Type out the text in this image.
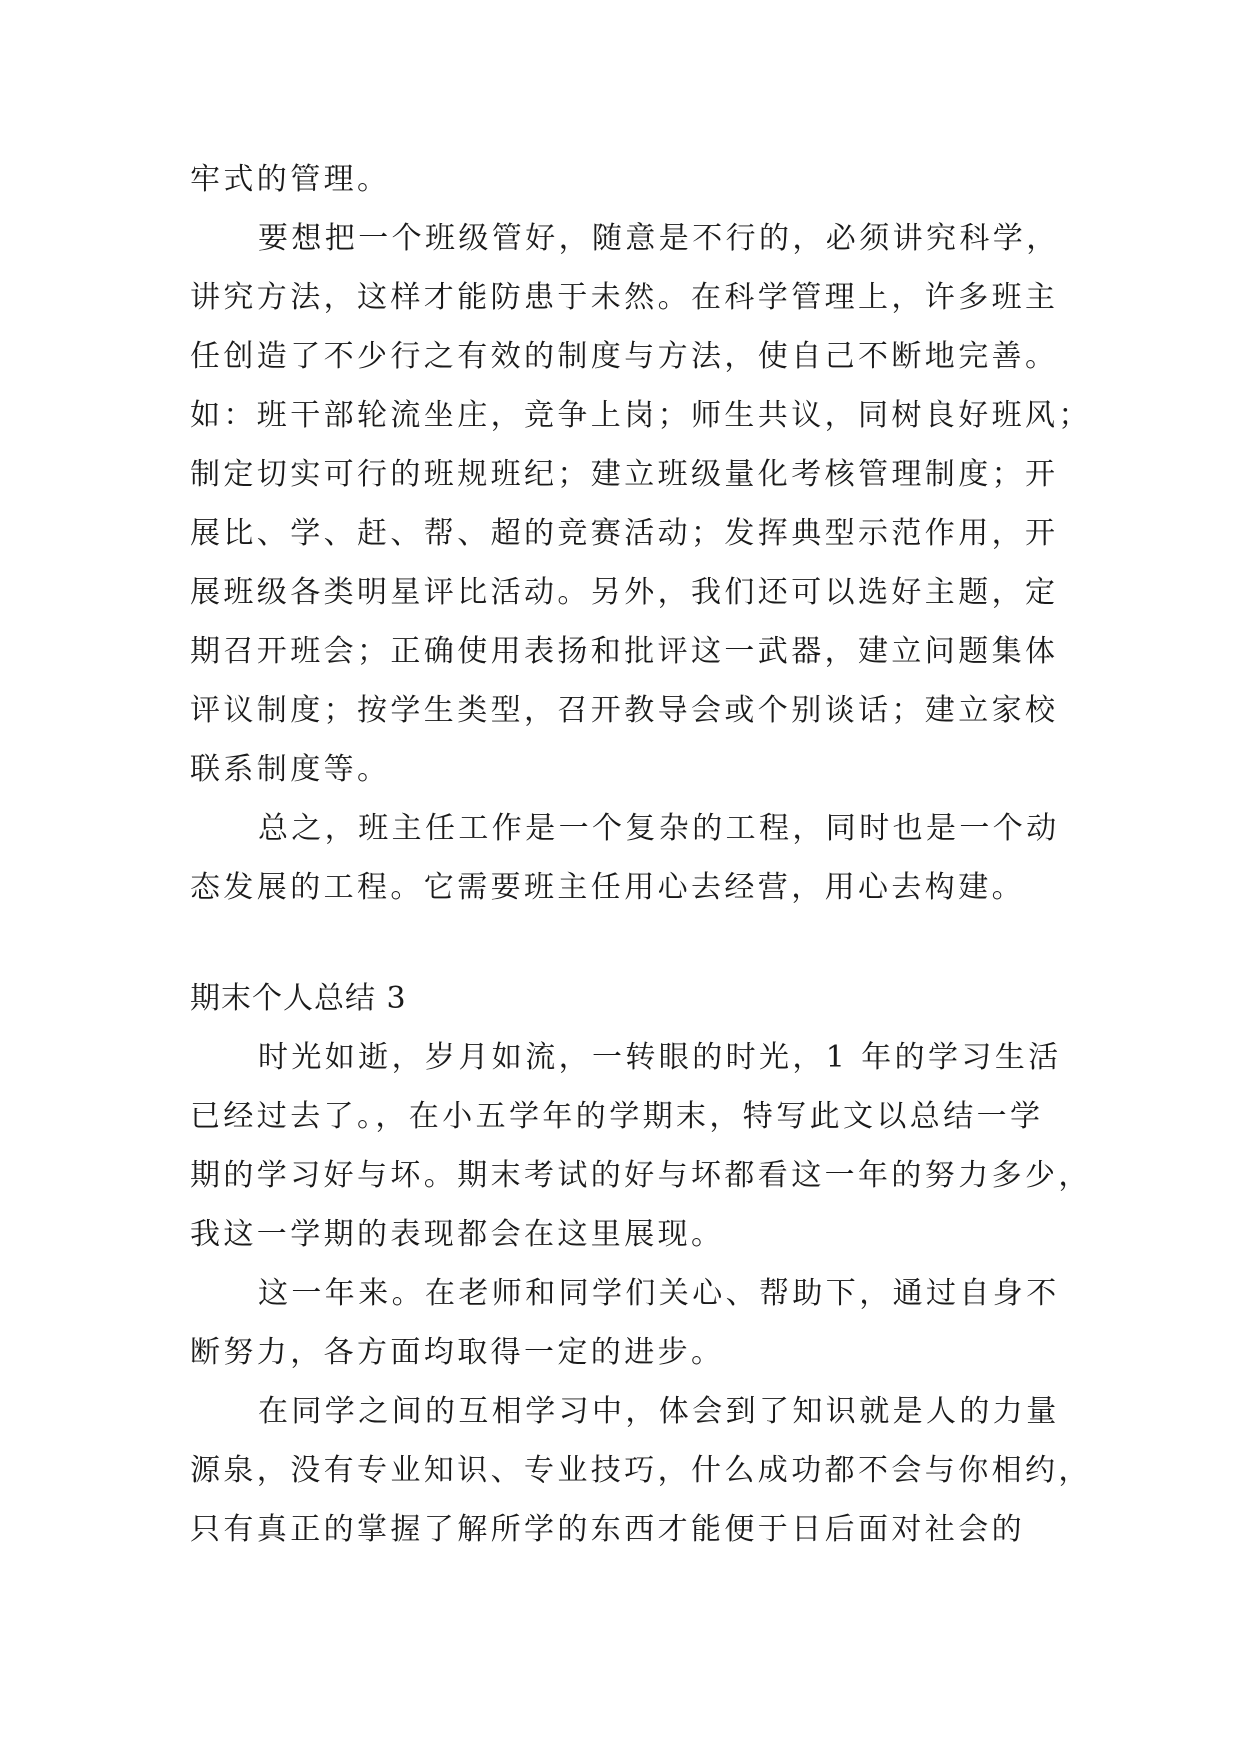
牢式的管理。
要想把一个班级管好，随意是不行的，必须讲究科学，
讲究方法，这样才能防患于未然。在科学管理上，许多班主
任创造了不少行之有效的制度与方法，使自己不断地完善。
如：班干部轮流坐庄，竞争上岗；师生共议，同树良好班风；
制定切实可行的班规班纪；建立班级量化考核管理制度；开
展比、学、赶、帮、超的竞赛活动；发挥典型示范作用，开
展班级各类明星评比活动。另外，我们还可以选好主题，定
期召开班会；正确使用表扬和批评这一武器，建立问题集体
评议制度；按学生类型，召开教导会或个别谈话；建立家校
联系制度等。
总之，班主任工作是一个复杂的工程，同时也是一个动
态发展的工程。它需要班主任用心去经营，用心去构建。
期末个人总结 3
时光如逝，岁月如流，一转眼的时光，1 年的学习生活
已经过去了。，在小五学年的学期末，特写此文以总结一学
期的学习好与坏。期末考试的好与坏都看这一年的努力多少，
我这一学期的表现都会在这里展现。
这一年来。在老师和同学们关心、帮助下，通过自身不
断努力，各方面均取得一定的进步。
在同学之间的互相学习中，体会到了知识就是人的力量
源泉，没有专业知识、专业技巧，什么成功都不会与你相约，
只有真正的掌握了解所学的东西才能便于日后面对社会的
